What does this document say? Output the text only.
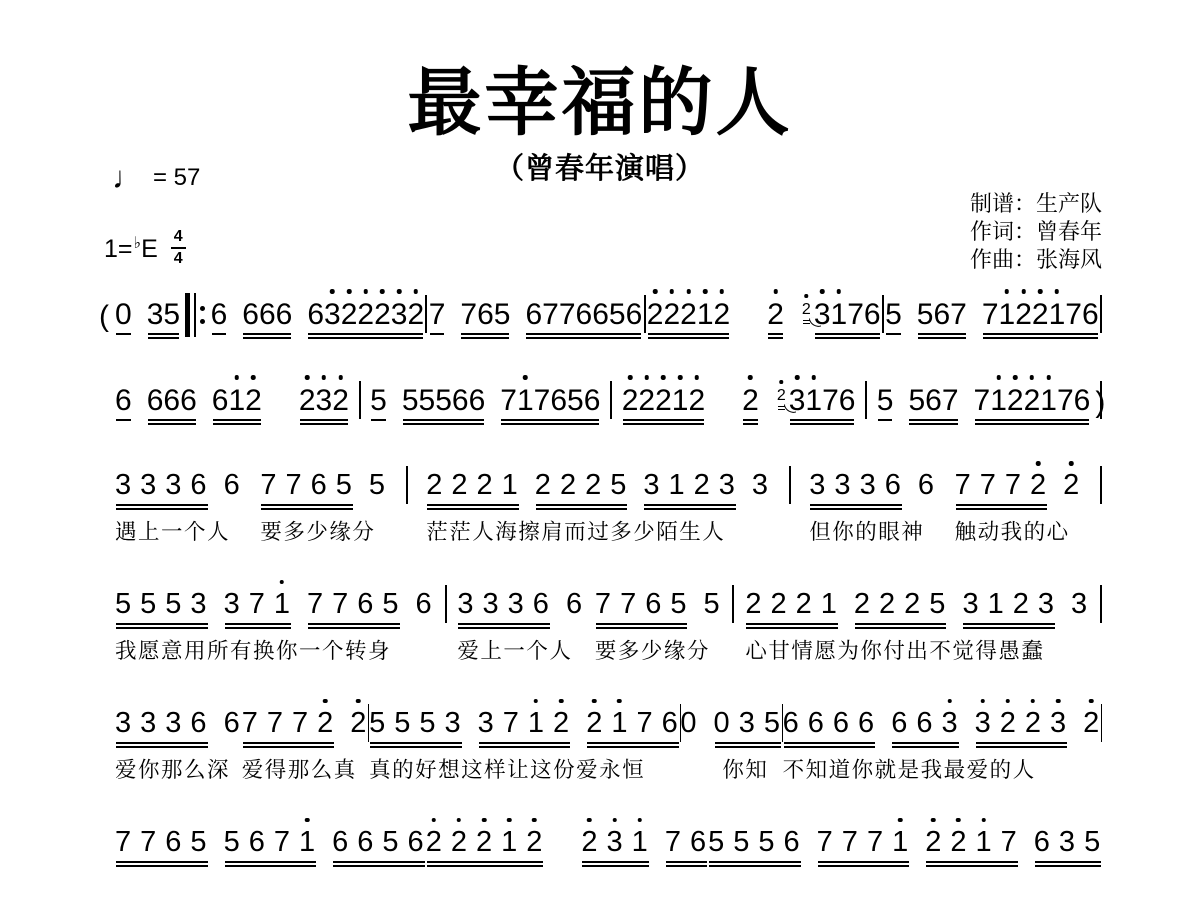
最幸福的人
（曾春年演唱）
♩ = 57
1= ♭ E $\frac{4}{4}$
制谱：生产队
作词：曾春年
作曲：张海风
( 0 3 5 6 6 6 6 6 3 2 2 2 3 2 7 7 6 5 6 7 7 6 6 5 6 2 2 2 1 2 2 2 3 1 7 6 5 5 6 7 7 1 2 2 1 7 6
6 6 6 6 6 1 2 2 3 2 5 5 5 5 6 6 7 1 7 6 5 6 2 2 2 1 2 2 2 3 1 7 6 5 5 6 7 7 1 2 2 1 7 6 )
3 3 3 6 6
遇上一个人
7 7 6 5 5
要多少缘分
2 2 2 1 2 2 2 5 3 1 2 3 3
茫茫人海擦肩而过多少陌生人
3 3 3 6 6
但你的眼神
7 7 7 2 2
触动我的心
5 5 5 3 3 7 1 7 7 6 5 6
我愿意用所有换你一个转身
3 3 3 6 6
爱上一个人
7 7 6 5 5
要多少缘分
2 2 2 1 2 2 2 5 3 1 2 3 3
心甘情愿为你付出不觉得愚蠢
3 3 3 6 6
爱你那么深
7 7 7 2 2
爱得那么真
5 5 5 3 3 7 1 2 2 1 7 6
真的好想这样让这份爱永恒
0 0 3 5
你知
6 6 6 6 6 6 3 3 2 2 3 2
不知道你就是我最爱的人
7 7 6 5 5 6 7 1 6 6 5 6 2 2 2 1 2 2 3 1 7 6 5 5 5 6 7 7 7 1 2 2 1 7 6 3 5
